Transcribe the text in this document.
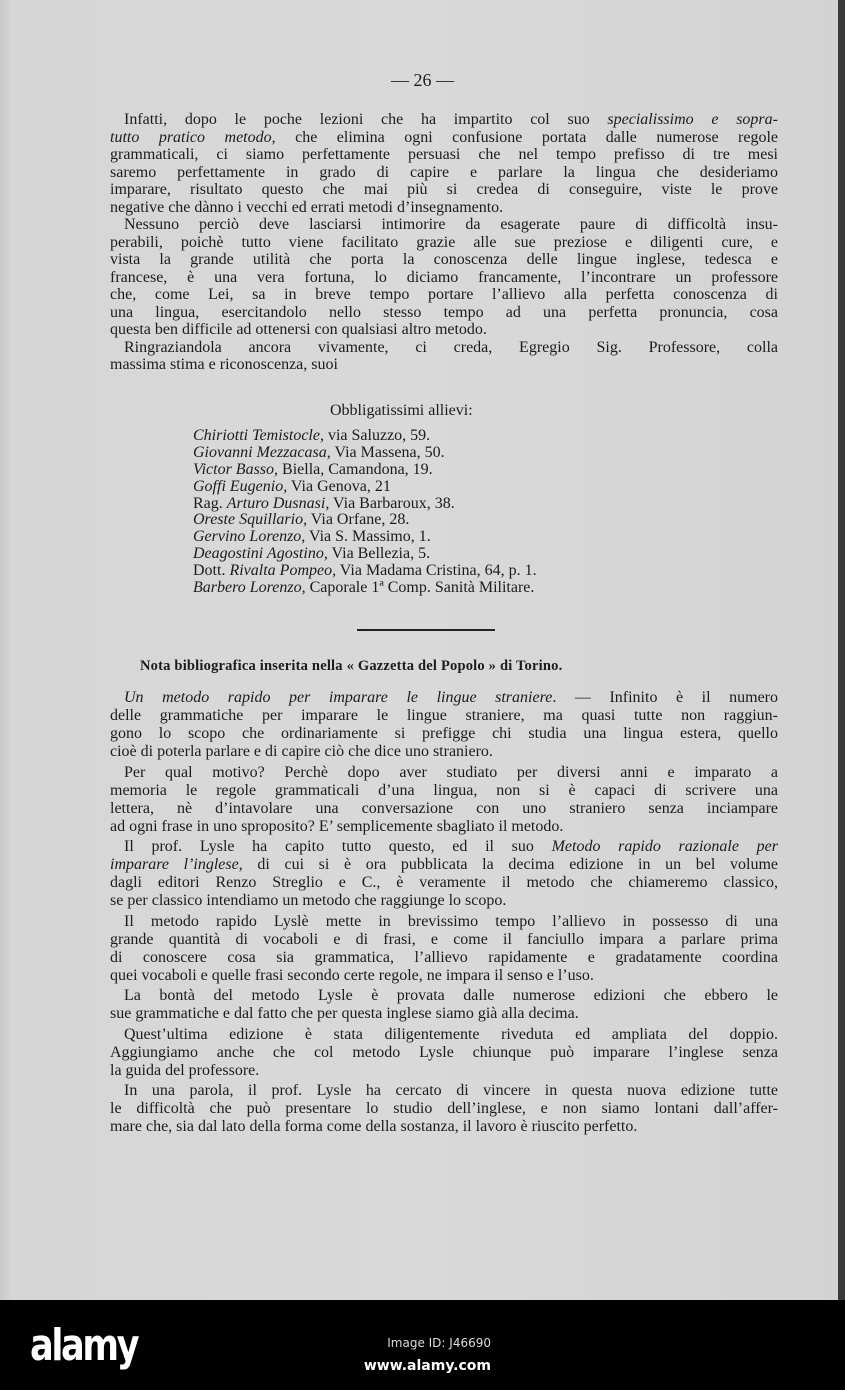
— 26 —
Infatti, dopo le poche lezioni che ha impartito col suo specialissimo e sopra-
tutto pratico metodo, che elimina ogni confusione portata dalle numerose regole
grammaticali, ci siamo perfettamente persuasi che nel tempo prefisso di tre mesi
saremo perfettamente in grado di capire e parlare la lingua che desideriamo
imparare, risultato questo che mai più si credea di conseguire, viste le prove
negative che dànno i vecchi ed errati metodi d’insegnamento.
Nessuno perciò deve lasciarsi intimorire da esagerate paure di difficoltà insu-
perabili, poichè tutto viene facilitato grazie alle sue preziose e diligenti cure, e
vista la grande utilità che porta la conoscenza delle lingue inglese, tedesca e
francese, è una vera fortuna, lo diciamo francamente, l’incontrare un professore
che, come Lei, sa in breve tempo portare l’allievo alla perfetta conoscenza di
una lingua, esercitandolo nello stesso tempo ad una perfetta pronuncia, cosa
questa ben difficile ad ottenersi con qualsiasi altro metodo.
Ringraziandola ancora vivamente, ci creda, Egregio Sig. Professore, colla
massima stima e riconoscenza, suoi
Obbligatissimi allievi:
Chiriotti Temistocle, via Saluzzo, 59.
Giovanni Mezzacasa, Via Massena, 50.
Victor Basso, Biella, Camandona, 19.
Goffi Eugenio, Via Genova, 21
Rag. Arturo Dusnasi, Via Barbaroux, 38.
Oreste Squillario, Via Orfane, 28.
Gervino Lorenzo, Via S. Massimo, 1.
Deagostini Agostino, Via Bellezia, 5.
Dott. Rivalta Pompeo, Via Madama Cristina, 64, p. 1.
Barbero Lorenzo, Caporale 1ª Comp. Sanità Militare.
Nota bibliografica inserita nella « Gazzetta del Popolo » di Torino.
Un metodo rapido per imparare le lingue straniere. — Infinito è il numero
delle grammatiche per imparare le lingue straniere, ma quasi tutte non raggiun-
gono lo scopo che ordinariamente si prefigge chi studia una lingua estera, quello
cioè di poterla parlare e di capire ciò che dice uno straniero.
Per qual motivo? Perchè dopo aver studiato per diversi anni e imparato a
memoria le regole grammaticali d’una lingua, non si è capaci di scrivere una
lettera, nè d’intavolare una conversazione con uno straniero senza inciampare
ad ogni frase in uno sproposito? E’ semplicemente sbagliato il metodo.
Il prof. Lysle ha capito tutto questo, ed il suo Metodo rapido razionale per
imparare l’inglese, di cui si è ora pubblicata la decima edizione in un bel volume
dagli editori Renzo Streglio e C., è veramente il metodo che chiameremo classico,
se per classico intendiamo un metodo che raggiunge lo scopo.
Il metodo rapido Lyslè mette in brevissimo tempo l’allievo in possesso di una
grande quantità di vocaboli e di frasi, e come il fanciullo impara a parlare prima
di conoscere cosa sia grammatica, l’allievo rapidamente e gradatamente coordina
quei vocaboli e quelle frasi secondo certe regole, ne impara il senso e l’uso.
La bontà del metodo Lysle è provata dalle numerose edizioni che ebbero le
sue grammatiche e dal fatto che per questa inglese siamo già alla decima.
Quest’ultima edizione è stata diligentemente riveduta ed ampliata del doppio.
Aggiungiamo anche che col metodo Lysle chiunque può imparare l’inglese senza
la guida del professore.
In una parola, il prof. Lysle ha cercato di vincere in questa nuova edizione tutte
le difficoltà che può presentare lo studio dell’inglese, e non siamo lontani dall’affer-
mare che, sia dal lato della forma come della sostanza, il lavoro è riuscito perfetto.
alamy	Image ID: J46690
www.alamy.com
